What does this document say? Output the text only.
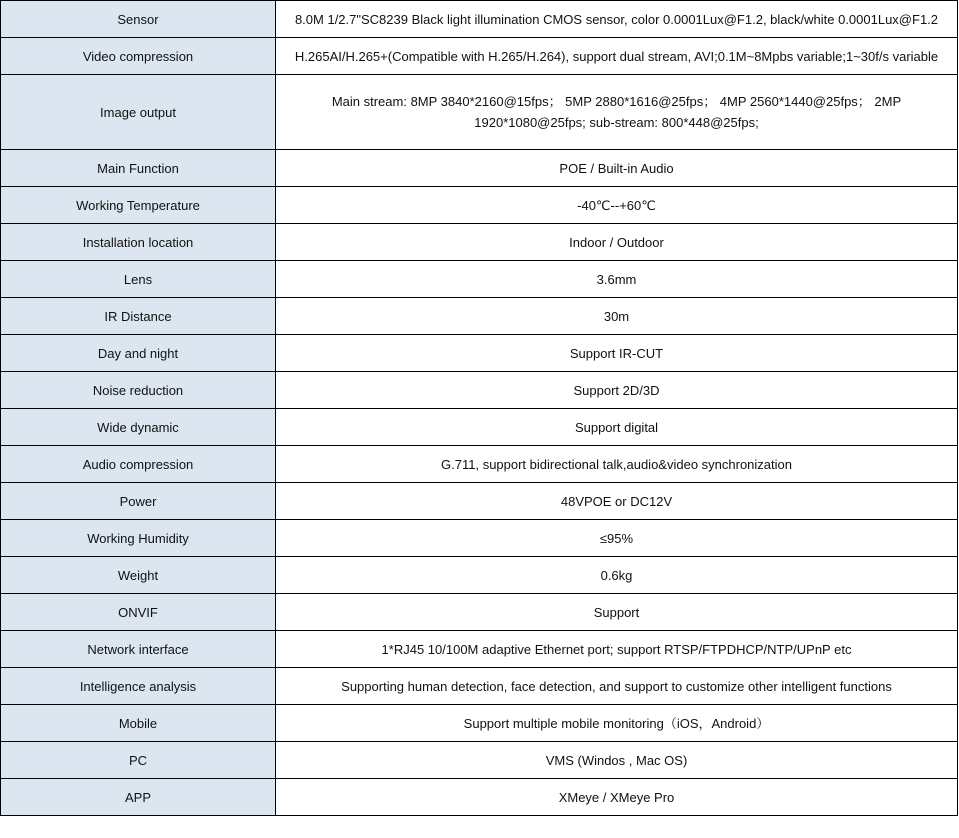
Sensor	8.0M 1/2.7"SC8239 Black light illumination CMOS sensor, color 0.0001Lux@F1.2, black/white 0.0001Lux@F1.2
Video compression	H.265AI/H.265+(Compatible with H.265/H.264), support dual stream, AVI;0.1M~8Mpbs variable;1~30f/s variable
Image output	Main stream: 8MP 3840*2160@15fps； 5MP 2880*1616@25fps； 4MP 2560*1440@25fps； 2MP 1920*1080@25fps; sub-stream: 800*448@25fps;
Main Function	POE / Built-in Audio
Working Temperature	-40℃--+60℃
Installation location	Indoor / Outdoor
Lens	3.6mm
IR Distance	30m
Day and night	Support IR-CUT
Noise reduction	Support 2D/3D
Wide dynamic	Support digital
Audio compression	G.711, support bidirectional talk,audio&video synchronization
Power	48VPOE or DC12V
Working Humidity	≤95%
Weight	0.6kg
ONVIF	Support
Network interface	1*RJ45 10/100M adaptive Ethernet port; support RTSP/FTPDHCP/NTP/UPnP etc
Intelligence analysis	Supporting human detection, face detection, and support to customize other intelligent functions
Mobile	Support multiple mobile monitoring（iOS，Android）
PC	VMS (Windos , Mac OS)
APP	XMeye / XMeye Pro
